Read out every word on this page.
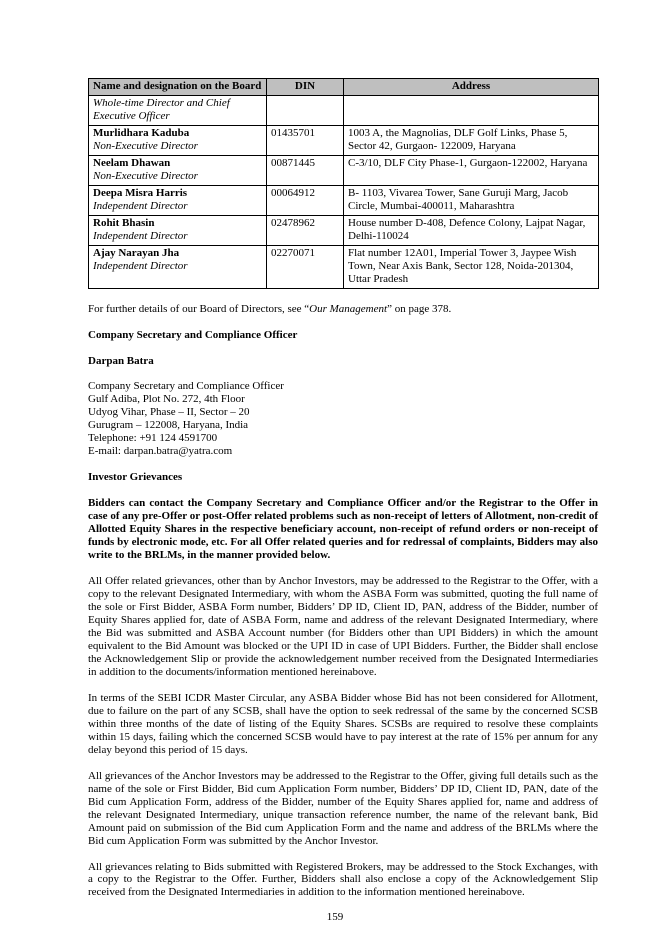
Name and designation on the Board	DIN	Address

Whole-time Director and Chief Executive Officer		

Murlidhara Kaduba
Non-Executive Director	01435701	1003 A, the Magnolias, DLF Golf Links, Phase 5, Sector 42, Gurgaon- 122009, Haryana

Neelam Dhawan
Non-Executive Director	00871445	C-3/10, DLF City Phase-1, Gurgaon-122002, Haryana

Deepa Misra Harris
Independent Director	00064912	B- 1103, Vivarea Tower, Sane Guruji Marg, Jacob Circle, Mumbai-400011, Maharashtra

Rohit Bhasin
Independent Director	02478962	House number D-408, Defence Colony, Lajpat Nagar, Delhi-110024

Ajay Narayan Jha
Independent Director	02270071	Flat number 12A01, Imperial Tower 3, Jaypee Wish Town, Near Axis Bank, Sector 128, Noida-201304, Uttar Pradesh

For further details of our Board of Directors, see “Our Management” on page 378.

Company Secretary and Compliance Officer
Darpan Batra
Company Secretary and Compliance Officer
Gulf Adiba, Plot No. 272, 4th Floor
Udyog Vihar, Phase – II, Sector – 20
Gurugram – 122008, Haryana, India
Telephone: +91 124 4591700
E-mail: darpan.batra@yatra.com
Investor Grievances

Bidders can contact the Company Secretary and Compliance Officer and/or the Registrar to the Offer in case of any pre-Offer or post-Offer related problems such as non-receipt of letters of Allotment, non-credit of Allotted Equity Shares in the respective beneficiary account, non-receipt of refund orders or non-receipt of funds by electronic mode, etc. For all Offer related queries and for redressal of complaints, Bidders may also write to the BRLMs, in the manner provided below.

All Offer related grievances, other than by Anchor Investors, may be addressed to the Registrar to the Offer, with a copy to the relevant Designated Intermediary, with whom the ASBA Form was submitted, quoting the full name of the sole or First Bidder, ASBA Form number, Bidders’ DP ID, Client ID, PAN, address of the Bidder, number of Equity Shares applied for, date of ASBA Form, name and address of the relevant Designated Intermediary, where the Bid was submitted and ASBA Account number (for Bidders other than UPI Bidders) in which the amount equivalent to the Bid Amount was blocked or the UPI ID in case of UPI Bidders. Further, the Bidder shall enclose the Acknowledgement Slip or provide the acknowledgement number received from the Designated Intermediaries in addition to the documents/information mentioned hereinabove.

In terms of the SEBI ICDR Master Circular, any ASBA Bidder whose Bid has not been considered for Allotment, due to failure on the part of any SCSB, shall have the option to seek redressal of the same by the concerned SCSB within three months of the date of listing of the Equity Shares. SCSBs are required to resolve these complaints within 15 days, failing which the concerned SCSB would have to pay interest at the rate of 15% per annum for any delay beyond this period of 15 days.

All grievances of the Anchor Investors may be addressed to the Registrar to the Offer, giving full details such as the name of the sole or First Bidder, Bid cum Application Form number, Bidders’ DP ID, Client ID, PAN, date of the Bid cum Application Form, address of the Bidder, number of the Equity Shares applied for, name and address of the relevant Designated Intermediary, unique transaction reference number, the name of the relevant bank, Bid Amount paid on submission of the Bid cum Application Form and the name and address of the BRLMs where the Bid cum Application Form was submitted by the Anchor Investor.

All grievances relating to Bids submitted with Registered Brokers, may be addressed to the Stock Exchanges, with a copy to the Registrar to the Offer. Further, Bidders shall also enclose a copy of the Acknowledgement Slip received from the Designated Intermediaries in addition to the information mentioned hereinabove.

159
